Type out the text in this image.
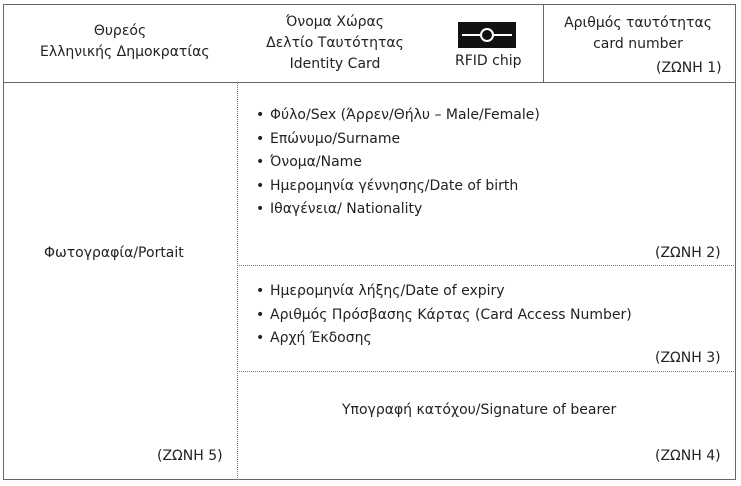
Θυρεός
Ελληνικής Δημοκρατίας
Όνομα Χώρας
Δελτίο Ταυτότητας
Identity Card	RFID chip
Αριθμός ταυτότητας
card number
(ΖΩΝΗ 1)
Φωτογραφία/Portait
(ΖΩΝΗ 5)
• Φύλο/Sex (Άρρεν/Θήλυ – Male/Female)
• Επώνυμο/Surname
• Όνομα/Name
• Ημερομηνία γέννησης/Date of birth
• Ιθαγένεια/ Nationality
(ΖΩΝΗ 2)
• Ημερομηνία λήξης/Date of expiry
• Αριθμός Πρόσβασης Κάρτας (Card Access Number)
• Αρχή Έκδοσης
(ΖΩΝΗ 3)
Υπογραφή κατόχου/Signature of bearer
(ΖΩΝΗ 4)
